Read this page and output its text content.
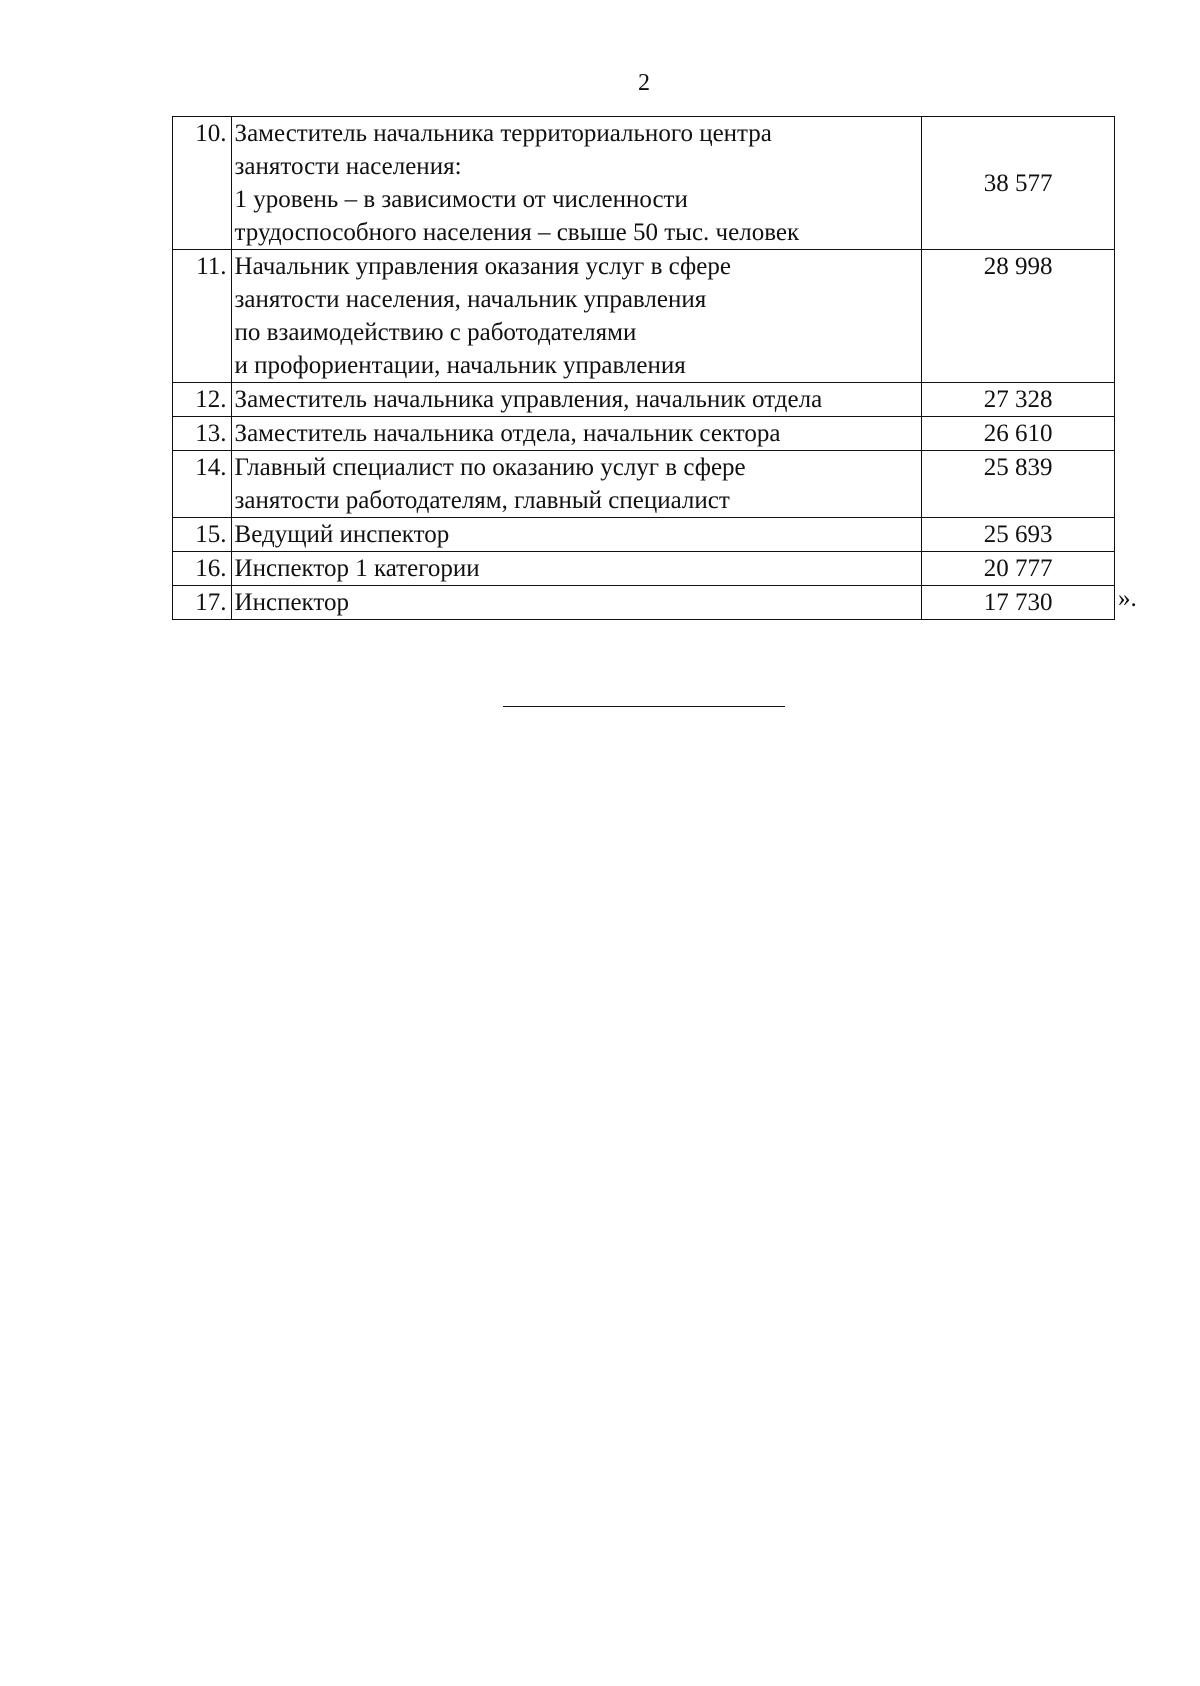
2
10.	Заместитель начальника территориального центра
занятости населения:
1 уровень – в зависимости от численности
трудоспособного населения – свыше 50 тыс. человек	38 577
11.	Начальник управления оказания услуг в сфере
занятости населения, начальник управления
по взаимодействию с работодателями
и профориентации, начальник управления	28 998
12.	Заместитель начальника управления, начальник отдела	27 328
13.	Заместитель начальника отдела, начальник сектора	26 610
14.	Главный специалист по оказанию услуг в сфере
занятости работодателям, главный специалист	25 839
15.	Ведущий инспектор	25 693
16.	Инспектор 1 категории	20 777
17.	Инспектор	17 730	».
